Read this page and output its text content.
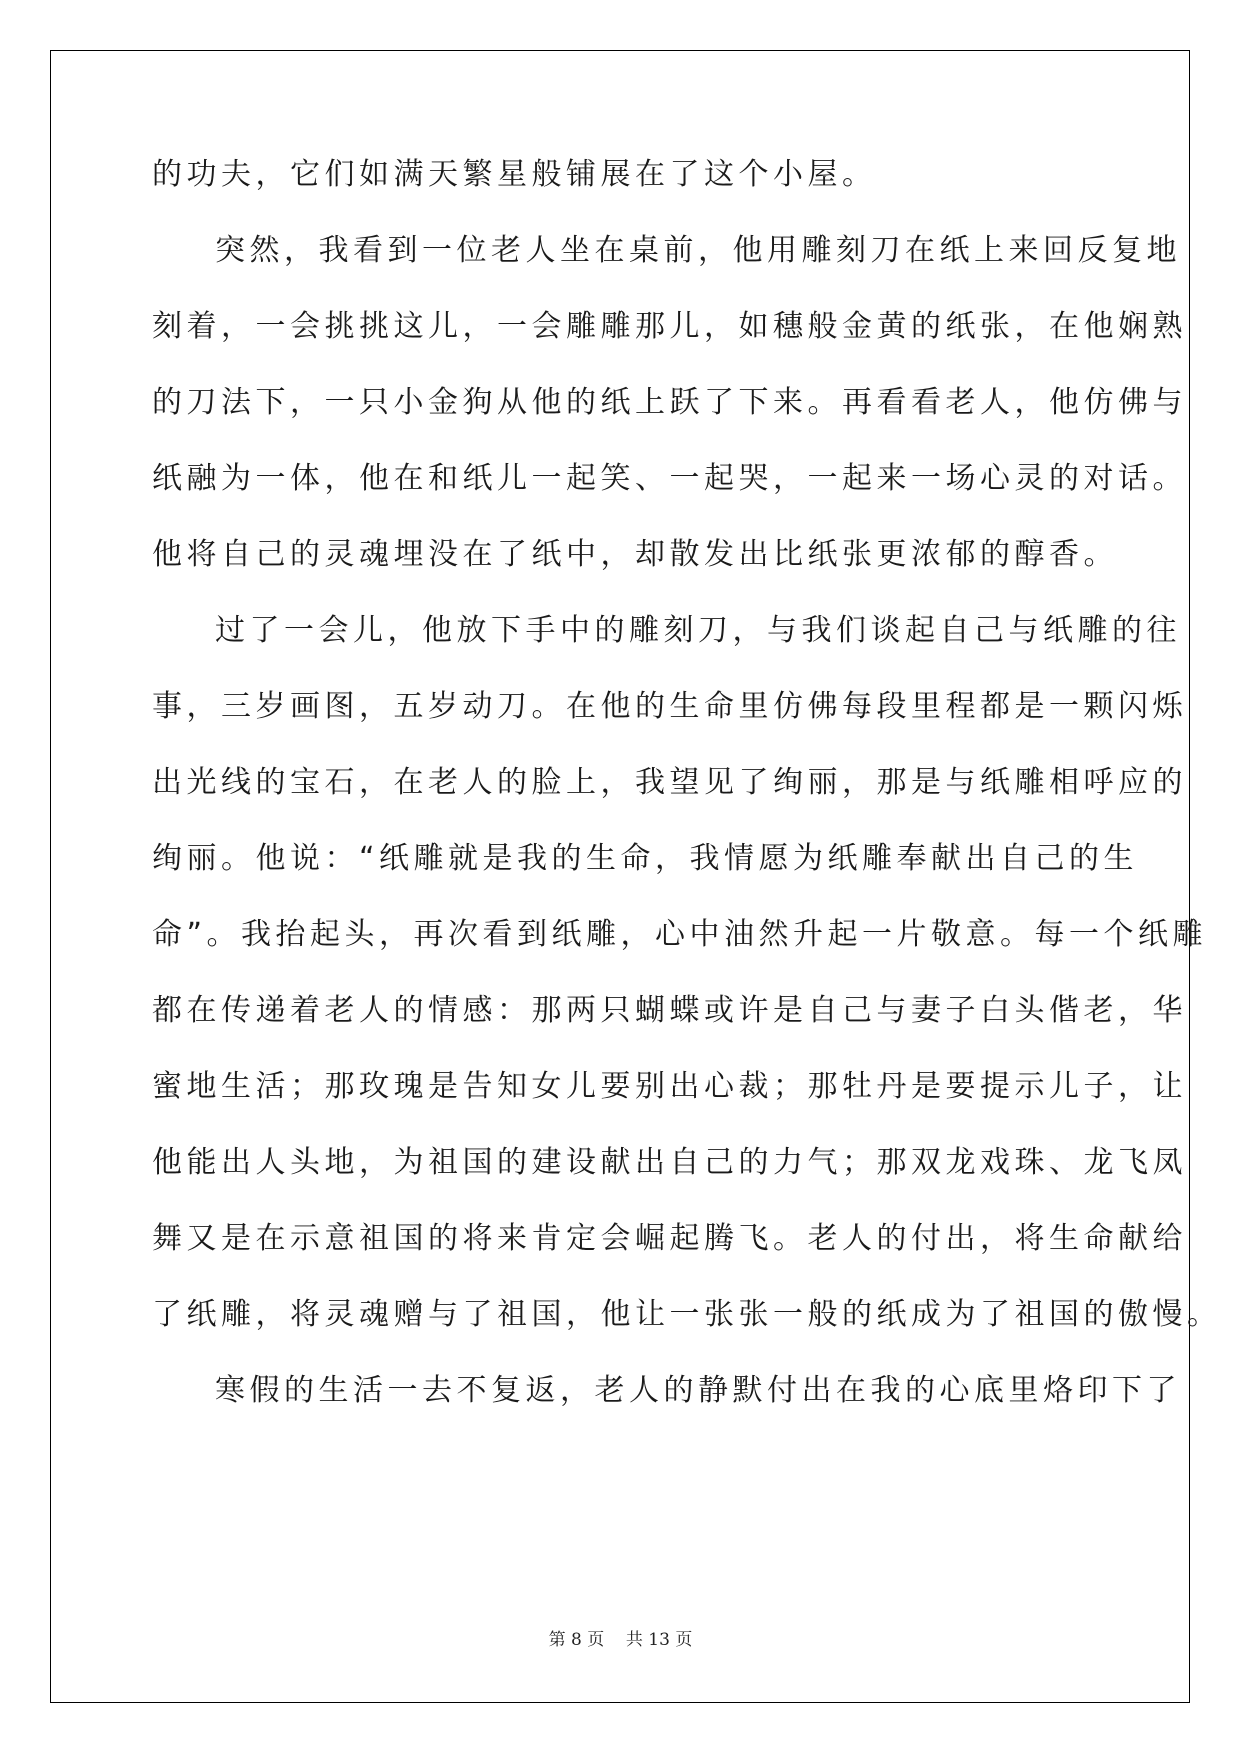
的功夫，它们如满天繁星般铺展在了这个小屋。
突然，我看到一位老人坐在桌前，他用雕刻刀在纸上来回反复地
刻着，一会挑挑这儿，一会雕雕那儿，如穗般金黄的纸张，在他娴熟
的刀法下，一只小金狗从他的纸上跃了下来。再看看老人，他仿佛与
纸融为一体，他在和纸儿一起笑、一起哭，一起来一场心灵的对话。
他将自己的灵魂埋没在了纸中，却散发出比纸张更浓郁的醇香。
过了一会儿，他放下手中的雕刻刀，与我们谈起自己与纸雕的往
事，三岁画图，五岁动刀。在他的生命里仿佛每段里程都是一颗闪烁
出光线的宝石，在老人的脸上，我望见了绚丽，那是与纸雕相呼应的
绚丽。他说：“纸雕就是我的生命，我情愿为纸雕奉献出自己的生
命”。我抬起头，再次看到纸雕，心中油然升起一片敬意。每一个纸雕
都在传递着老人的情感：那两只蝴蝶或许是自己与妻子白头偕老，华
蜜地生活；那玫瑰是告知女儿要别出心裁；那牡丹是要提示儿子，让
他能出人头地，为祖国的建设献出自己的力气；那双龙戏珠、龙飞凤
舞又是在示意祖国的将来肯定会崛起腾飞。老人的付出，将生命献给
了纸雕，将灵魂赠与了祖国，他让一张张一般的纸成为了祖国的傲慢。
寒假的生活一去不复返，老人的静默付出在我的心底里烙印下了
第 8 页    共 13 页
